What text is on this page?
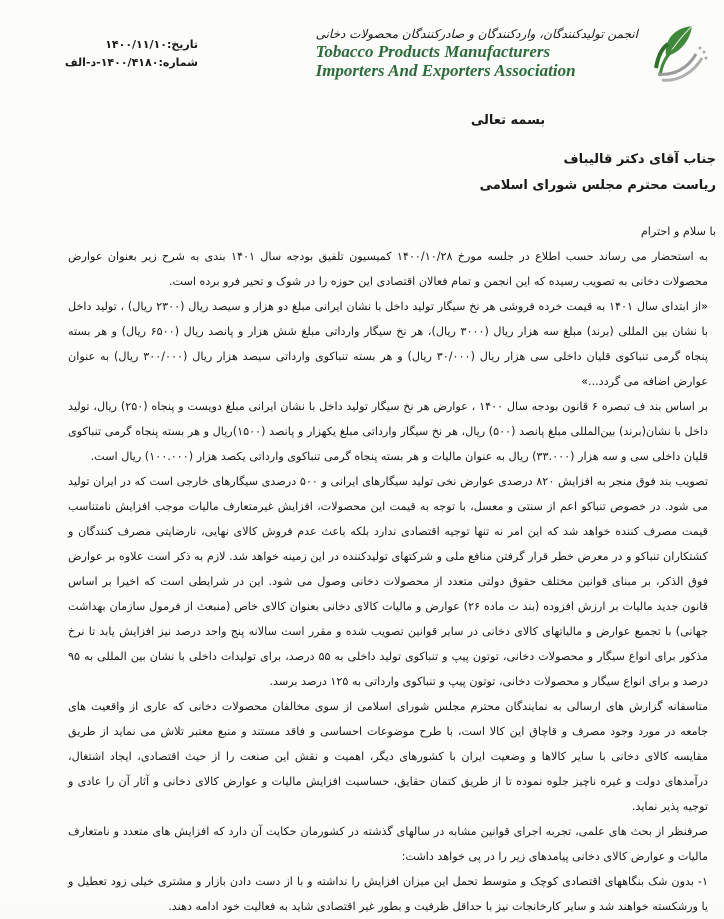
تاریخ:۱۴۰۰/۱۱/۱۰
شماره:۱۴۰۰/۴۱۸۰-د-الف
انجمن تولیدکنندگان، واردکنندگان و صادرکنندگان محصولات دخانی
Tobacco Products Manufacturers
Importers And Exporters Association
بسمه تعالی
جناب آقای دکتر قالیباف
ریاست محترم مجلس شورای اسلامی
با سلام و احترام

به استحضار می رساند حسب اطلاع در جلسه مورخ ۱۴۰۰/۱۰/۲۸ کمیسیون تلفیق بودجه سال ۱۴۰۱ بندی به شرح زیر بعنوان عوارض محصولات دخانی به تصویب رسیده که این انجمن و تمام فعالان اقتصادی این حوزه را در شوک و تحیر فرو برده است.

«از ابتدای سال ۱۴۰۱ به قیمت خرده فروشی هر نخ سیگار تولید داخل با نشان ایرانی مبلغ دو هزار و سیصد ریال (۲۳۰۰ ریال) ، تولید داخل با نشان بین المللی (برند) مبلغ سه هزار ریال (۳۰۰۰ ریال)، هر نخ سیگار وارداتی مبلغ شش هزار و پانصد ریال (۶۵۰۰ ریال) و هر بسته پنجاه گرمی تنباکوی قلیان داخلی سی هزار ریال (۳۰/۰۰۰ ریال) و هر بسته تنباکوی وارداتی سیصد هزار ریال (۳۰۰/۰۰۰ ریال) به عنوان عوارض اضافه می گردد...»

بر اساس بند ف تبصره ۶ قانون بودجه سال ۱۴۰۰ ، عوارض هر نخ سیگار تولید داخل با نشان ایرانی مبلغ دویست و پنجاه (۲۵۰) ریال، تولید داخل با نشان(برند) بین‌المللی مبلغ پانصد (۵۰۰) ریال، هر نخ سیگار وارداتی مبلغ یکهزار و پانصد (۱۵۰۰)ریال و هر بسته پنجاه گرمی تنباکوی قلیان داخلی سی و سه هزار (۳۳.۰۰۰) ریال به عنوان مالیات و هر بسته پنجاه گرمی تنباکوی وارداتی یکصد هزار (۱۰۰.۰۰۰) ریال است.

تصویب بند فوق منجر به افزایش ۸۲۰ درصدی عوارض نخی تولید سیگارهای ایرانی و ۵۰۰ درصدی سیگارهای خارجی است که در ایران تولید می شود. در خصوص تنباکو اعم از سنتی و معسل، با توجه به قیمت این محصولات، افزایش غیرمتعارف مالیات موجب افزایش نامتناسب قیمت مصرف کننده خواهد شد که این امر نه تنها توجیه اقتصادی ندارد بلکه باعث عدم فروش کالای نهایی، نارضایتی مصرف کنندگان و کشتکاران تنباکو و در معرض خطر قرار گرفتن منافع ملی و شرکتهای تولیدکننده در این زمینه خواهد شد. لازم به ذکر است علاوه بر عوارض فوق الذکر، بر مبنای قوانین مختلف حقوق دولتی متعدد از محصولات دخانی وصول می شود. این در شرایطی است که اخیرا بر اساس قانون جدید مالیات بر ارزش افزوده (بند ت ماده ۲۶) عوارض و مالیات کالای دخانی بعنوان کالای خاص (منبعث از فرمول سازمان بهداشت جهانی) با تجمیع عوارض و مالیاتهای کالای دخانی در سایر قوانین تصویب شده و مقرر است سالانه پنج واحد درصد نیز افزایش یابد تا نرخ مذکور برای انواع سیگار و محصولات دخانی، توتون پیپ و تنباکوی تولید داخلی به ۵۵ درصد، برای تولیدات داخلی با نشان بین المللی به ۹۵ درصد و برای انواع سیگار و محصولات دخانی، توتون پیپ و تنباکوی وارداتی به ۱۲۵ درصد برسد.

متاسفانه گزارش های ارسالی به نمایندگان محترم مجلس شورای اسلامی از سوی مخالفان محصولات دخانی که عاری از واقعیت های جامعه در مورد وجود مصرف و قاچاق این کالا است، با طرح موضوعات احساسی و فاقد مستند و منبع معتبر تلاش می نماید از طریق مقایسه کالای دخانی با سایر کالاها و وضعیت ایران با کشورهای دیگر، اهمیت و نقش این صنعت را از حیث اقتصادی، ایجاد اشتغال، درآمدهای دولت و غیره ناچیز جلوه نموده تا از طریق کتمان حقایق، حساسیت افزایش مالیات و عوارض کالای دخانی و آثار آن را عادی و توجیه پذیر نماید.

صرفنظر از بحث های علمی، تجربه اجرای قوانین مشابه در سالهای گذشته در کشورمان حکایت آن دارد که افزایش های متعدد و نامتعارف مالیات و عوارض کالای دخانی پیامدهای زیر را در پی خواهد داشت:

۱- بدون شک بنگاههای اقتصادی کوچک و متوسط تحمل این میزان افزایش را نداشته و با از دست دادن بازار و مشتری خیلی زود تعطیل و یا ورشکسته خواهند شد و سایر کارخانجات نیز با حداقل ظرفیت و بطور غیر اقتصادی شاید به فعالیت خود ادامه دهند.
